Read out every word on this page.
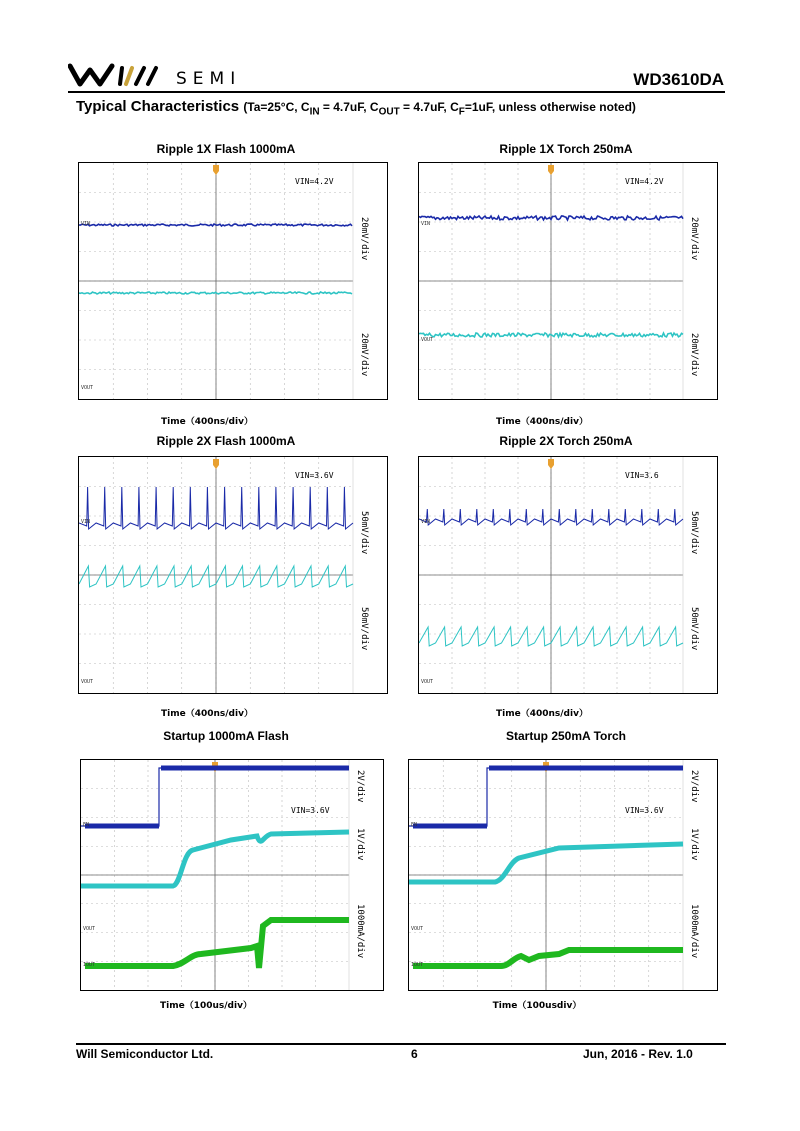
SEMI	WD3610DA
Typical Characteristics (Ta=25°C, $C_{IN} = 4.7uF$, $C_{OUT} = 4.7uF$, $C_F=1uF$, unless otherwise noted)
Ripple 1X Flash 1000mA
VIN
VOUT
VIN=4.2V
20mV/div
20mV/div
Time（400ns/div）
Ripple 1X Torch 250mA
VIN
VOUT
VIN=4.2V
20mV/div
20mV/div
Time（400ns/div）
Ripple 2X Flash 1000mA
VIN
VOUT
VIN=3.6V
50mV/div
50mV/div
Time（400ns/div）
Ripple 2X Torch 250mA
VIN
VOUT
VIN=3.6
50mV/div
50mV/div
Time（400ns/div）
Startup 1000mA Flash
EN
VOUT
IOUT
VIN=3.6V
2V/div
1V/div
1000mA/div
Time（100us/div）
Startup 250mA Torch
EN
VOUT
IOUT
VIN=3.6V
2V/div
1V/div
1000mA/div
Time（100usdiv）
Will Semiconductor Ltd.	6	Jun, 2016 - Rev. 1.0
